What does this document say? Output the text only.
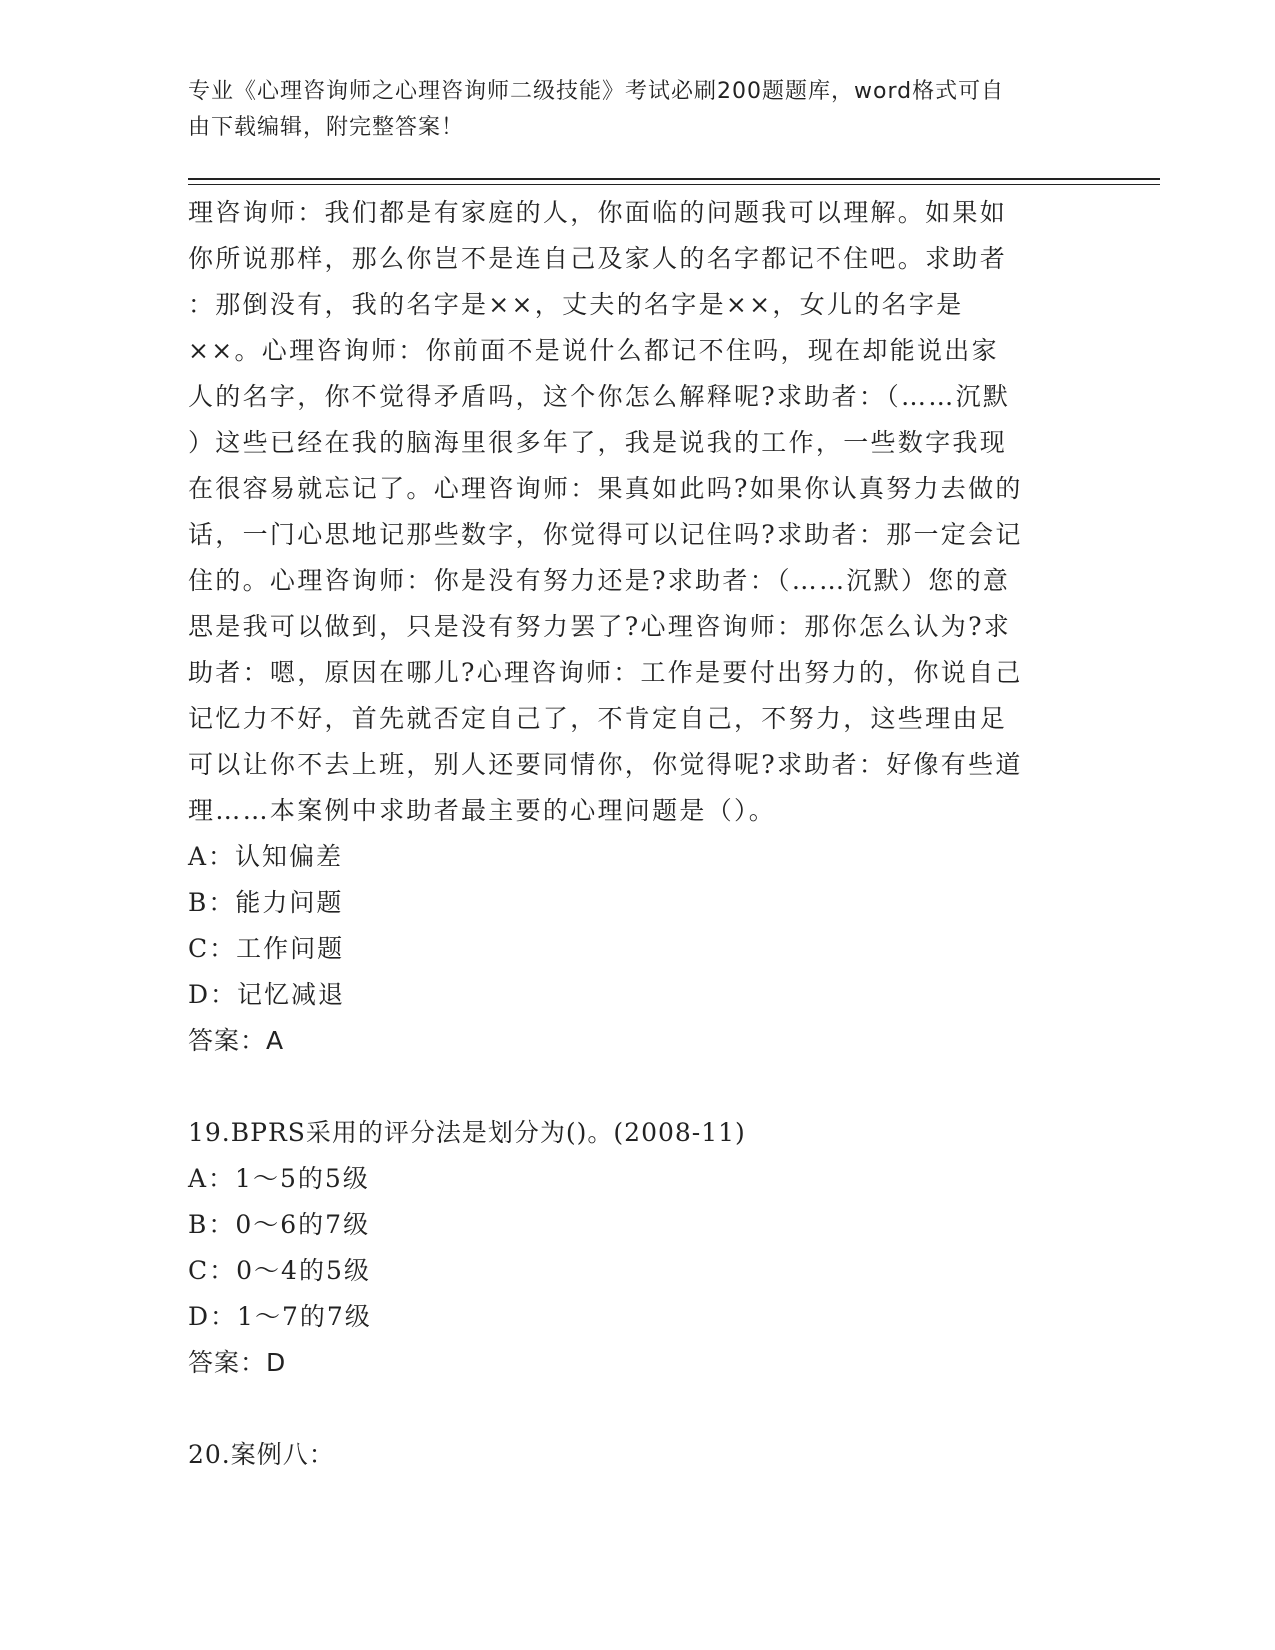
专业《心理咨询师之心理咨询师二级技能》考试必刷200题题库，word格式可自
由下载编辑，附完整答案！

理咨询师：我们都是有家庭的人，你面临的问题我可以理解。如果如

你所说那样，那么你岂不是连自己及家人的名字都记不住吧。求助者

：那倒没有，我的名字是××，丈夫的名字是××，女儿的名字是

××。心理咨询师：你前面不是说什么都记不住吗，现在却能说出家

人的名字，你不觉得矛盾吗，这个你怎么解释呢?求助者：（……沉默

）这些已经在我的脑海里很多年了，我是说我的工作，一些数字我现

在很容易就忘记了。心理咨询师：果真如此吗?如果你认真努力去做的

话，一门心思地记那些数字，你觉得可以记住吗?求助者：那一定会记

住的。心理咨询师：你是没有努力还是?求助者：（……沉默）您的意

思是我可以做到，只是没有努力罢了?心理咨询师：那你怎么认为?求

助者：嗯，原因在哪儿?心理咨询师：工作是要付出努力的，你说自己

记忆力不好，首先就否定自己了，不肯定自己，不努力，这些理由足

可以让你不去上班，别人还要同情你，你觉得呢?求助者：好像有些道

理……本案例中求助者最主要的心理问题是（）。

A：认知偏差
B：能力问题
C：工作问题
D：记忆减退
答案：A
19.BPRS采用的评分法是划分为()。(2008-11)
A：1～5的5级
B：0～6的7级
C：0～4的5级
D：1～7的7级
答案：D
20.案例八：
